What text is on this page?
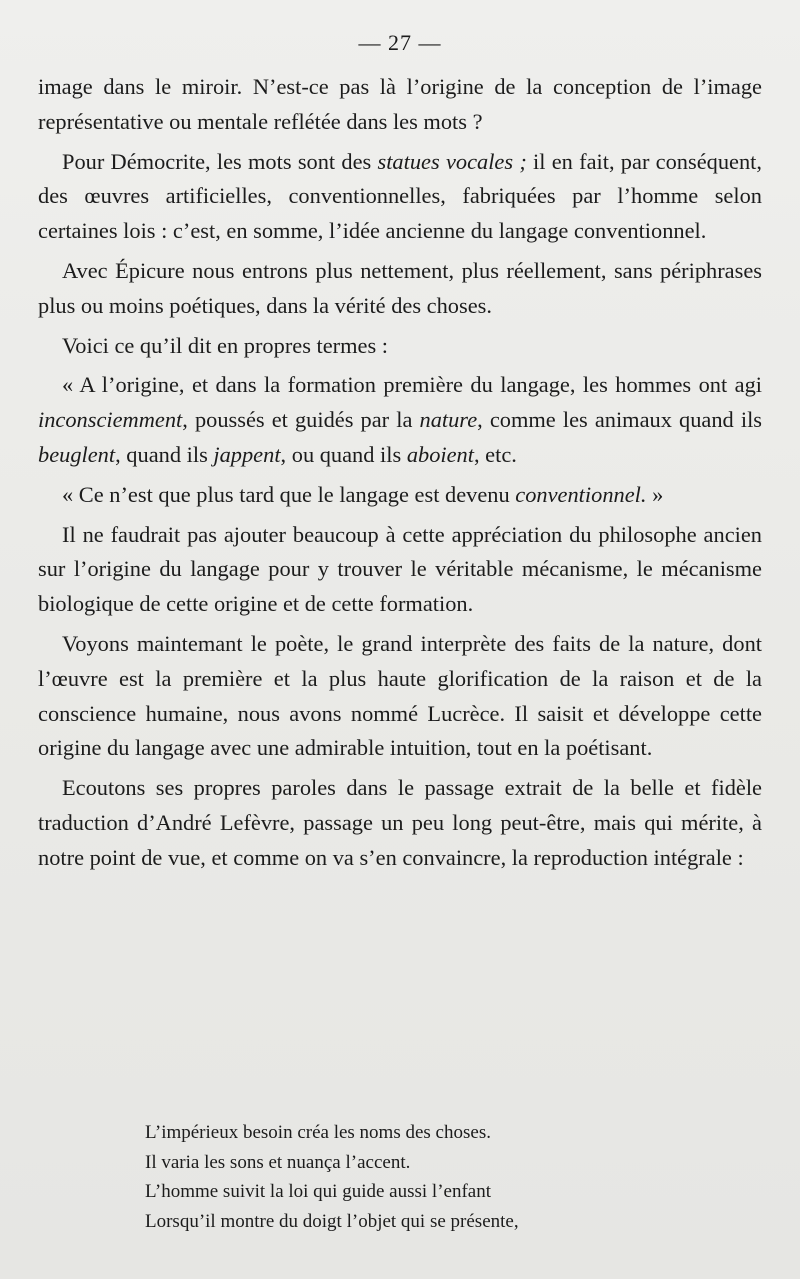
— 27 —

image dans le miroir. N’est-ce pas là l’origine de la conception de l’image représentative ou mentale reflétée dans les mots ?

Pour Démocrite, les mots sont des statues vocales ; il en fait, par conséquent, des œuvres artificielles, conventionnelles, fabriquées par l’homme selon certaines lois : c’est, en somme, l’idée ancienne du langage conventionnel.

Avec Épicure nous entrons plus nettement, plus réellement, sans périphrases plus ou moins poétiques, dans la vérité des choses.

Voici ce qu’il dit en propres termes :

« A l’origine, et dans la formation première du langage, les hommes ont agi inconsciemment, poussés et guidés par la nature, comme les animaux quand ils beuglent, quand ils jappent, ou quand ils aboient, etc.

« Ce n’est que plus tard que le langage est devenu conventionnel. »

Il ne faudrait pas ajouter beaucoup à cette appréciation du philosophe ancien sur l’origine du langage pour y trouver le véritable mécanisme, le mécanisme biologique de cette origine et de cette formation.

Voyons maintemant le poète, le grand interprète des faits de la nature, dont l’œuvre est la première et la plus haute glorification de la raison et de la conscience humaine, nous avons nommé Lucrèce. Il saisit et développe cette origine du langage avec une admirable intuition, tout en la poétisant.

Ecoutons ses propres paroles dans le passage extrait de la belle et fidèle traduction d’André Lefèvre, passage un peu long peut-être, mais qui mérite, à notre point de vue, et comme on va s’en convaincre, la reproduction intégrale :

L’impérieux besoin créa les noms des choses.
Il varia les sons et nuança l’accent.
L’homme suivit la loi qui guide aussi l’enfant
Lorsqu’il montre du doigt l’objet qui se présente,
